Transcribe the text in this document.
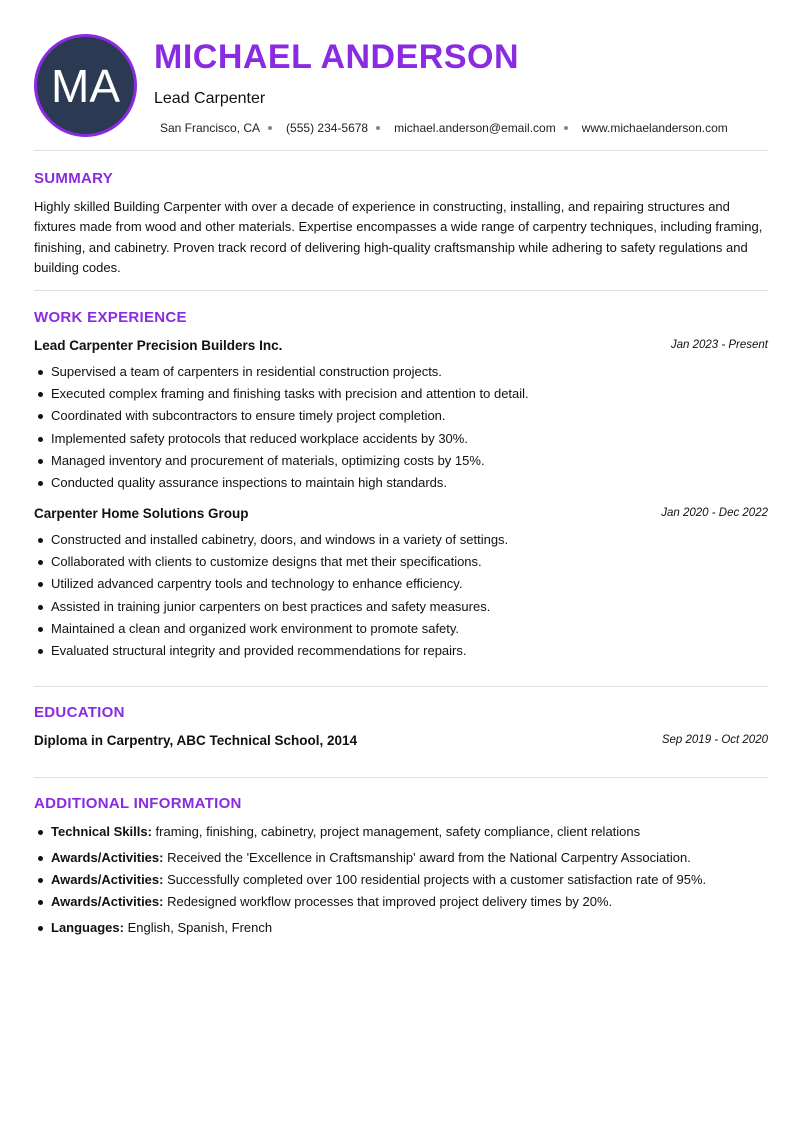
MA
MICHAEL ANDERSON
Lead Carpenter
San Francisco, CA (555) 234-5678 michael.anderson@email.com www.michaelanderson.com
SUMMARY
Highly skilled Building Carpenter with over a decade of experience in constructing, installing, and repairing structures and fixtures made from wood and other materials. Expertise encompasses a wide range of carpentry techniques, including framing, finishing, and cabinetry. Proven track record of delivering high-quality craftsmanship while adhering to safety regulations and building codes.
WORK EXPERIENCE
Lead Carpenter Precision Builders Inc.	Jan 2023 - Present
Supervised a team of carpenters in residential construction projects.
Executed complex framing and finishing tasks with precision and attention to detail.
Coordinated with subcontractors to ensure timely project completion.
Implemented safety protocols that reduced workplace accidents by 30%.
Managed inventory and procurement of materials, optimizing costs by 15%.
Conducted quality assurance inspections to maintain high standards.
Carpenter Home Solutions Group	Jan 2020 - Dec 2022
Constructed and installed cabinetry, doors, and windows in a variety of settings.
Collaborated with clients to customize designs that met their specifications.
Utilized advanced carpentry tools and technology to enhance efficiency.
Assisted in training junior carpenters on best practices and safety measures.
Maintained a clean and organized work environment to promote safety.
Evaluated structural integrity and provided recommendations for repairs.
EDUCATION
Diploma in Carpentry, ABC Technical School, 2014	Sep 2019 - Oct 2020
ADDITIONAL INFORMATION
Technical Skills: framing, finishing, cabinetry, project management, safety compliance, client relations
Awards/Activities: Received the 'Excellence in Craftsmanship' award from the National Carpentry Association.
Awards/Activities: Successfully completed over 100 residential projects with a customer satisfaction rate of 95%.
Awards/Activities: Redesigned workflow processes that improved project delivery times by 20%.
Languages: English, Spanish, French
